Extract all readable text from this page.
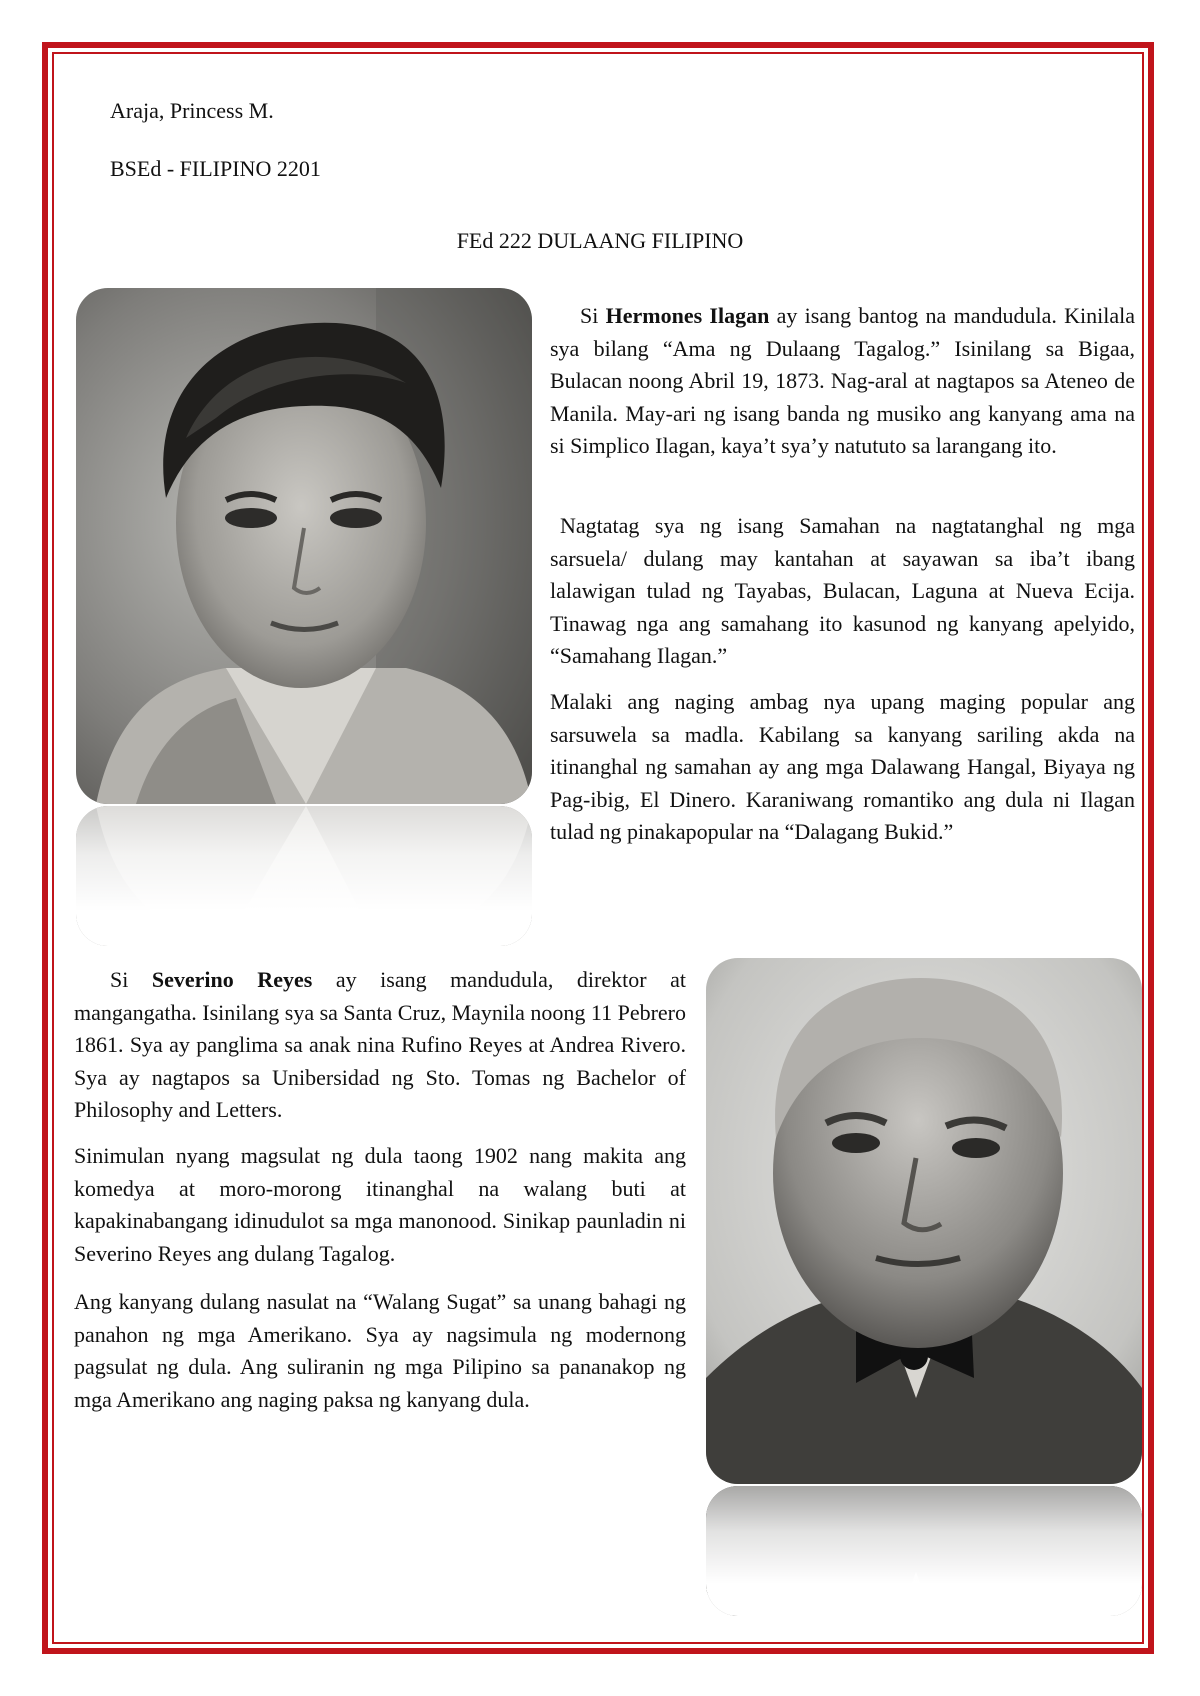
Araja, Princess M.
BSEd - FILIPINO 2201
FEd 222 DULAANG FILIPINO

Si Hermones Ilagan ay isang bantog na mandudula. Kinilala sya bilang “Ama ng Dulaang Tagalog.” Isinilang sa Bigaa, Bulacan noong Abril 19, 1873. Nag-aral at nagtapos sa Ateneo de Manila. May-ari ng isang banda ng musiko ang kanyang ama na si Simplico Ilagan, kaya’t sya’y natututo sa larangang ito.

Nagtatag sya ng isang Samahan na nagtatanghal ng mga sarsuela/ dulang may kantahan at sayawan sa iba’t ibang lalawigan tulad ng Tayabas, Bulacan, Laguna at Nueva Ecija. Tinawag nga ang samahang ito kasunod ng kanyang apelyido, “Samahang Ilagan.”

Malaki ang naging ambag nya upang maging popular ang sarsuwela sa madla. Kabilang sa kanyang sariling akda na itinanghal ng samahan ay ang mga Dalawang Hangal, Biyaya ng Pag-ibig, El Dinero. Karaniwang romantiko ang dula ni Ilagan tulad ng pinakapopular na “Dalagang Bukid.”

Si Severino Reyes ay isang mandudula, direktor at mangangatha. Isinilang sya sa Santa Cruz, Maynila noong 11 Pebrero 1861. Sya ay panglima sa anak nina Rufino Reyes at Andrea Rivero. Sya ay nagtapos sa Unibersidad ng Sto. Tomas ng Bachelor of Philosophy and Letters.

Sinimulan nyang magsulat ng dula taong 1902 nang makita ang komedya at moro-morong itinanghal na walang buti at kapakinabangang idinudulot sa mga manonood. Sinikap paunladin ni Severino Reyes ang dulang Tagalog.

Ang kanyang dulang nasulat na “Walang Sugat” sa unang bahagi ng panahon ng mga Amerikano. Sya ay nagsimula ng modernong pagsulat ng dula. Ang suliranin ng mga Pilipino sa pananakop ng mga Amerikano ang naging paksa ng kanyang dula.
